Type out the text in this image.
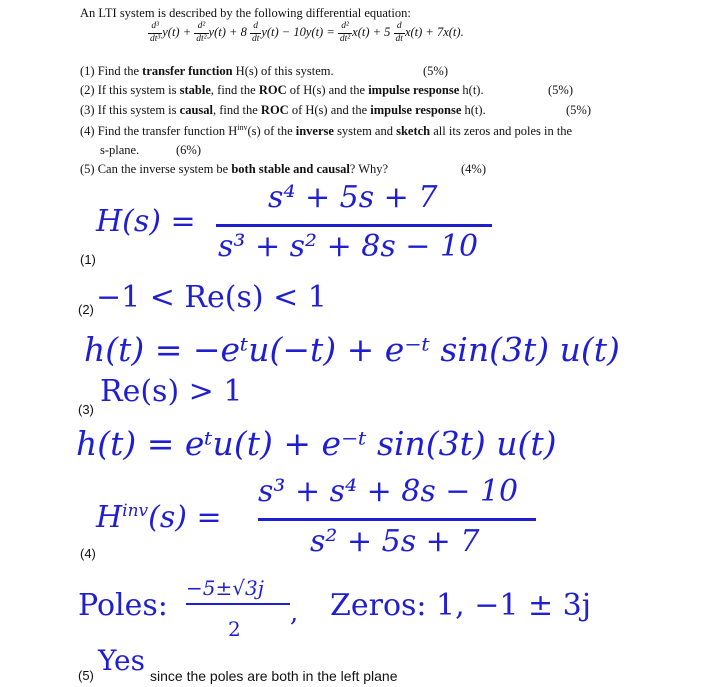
An LTI system is described by the following differential equation:
$\frac{\text{d³}}{\text{dt³}} y(t) + \frac{\text{d²}}{\text{dt²}} y(t) + 8 \frac{d}{dt} y(t) - 10y(t) = \frac{\text{d²}}{\text{dt²}} x(t) + 5 \frac{d}{dt} x(t) + 7x(t)$.
(1) Find the transfer function H(s) of this system.	(5%)
(2) If this system is stable, find the ROC of H(s) and the impulse response h(t).	(5%)
(3) If this system is causal, find the ROC of H(s) and the impulse response h(t).	(5%)
(4) Find the transfer function $H^{inv}(s)$ of the inverse system and sketch all its zeros and poles in the
s-plane.	(6%)
(5) Can the inverse system be both stable and causal? Why?	(4%)
H(s) =
s⁴ + 5s + 7
s³ + s² + 8s − 10
(1)
(2) −1 < Re(s) < 1
h(t) = −eᵗu(−t) + e⁻ᵗ sin(3t) u(t)
Re(s) > 1
(3)
h(t) = eᵗu(t) + e⁻ᵗ sin(3t) u(t)
s³ + s⁴ + 8s − 10
$H^{inv}(s)$ =
s² + 5s + 7
(4)
Poles: −5±√3j
2
, Zeros: 1, −1 ± 3j
(5) Yes since the poles are both in the left plane
